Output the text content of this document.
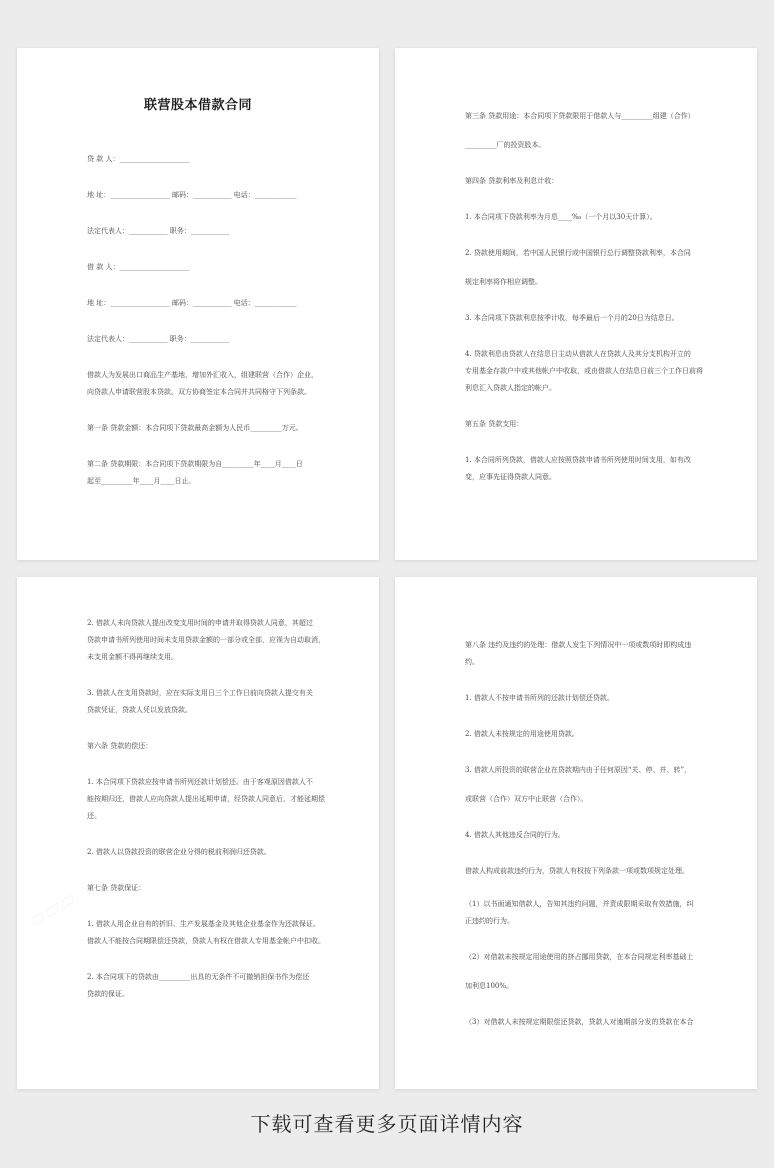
联营股本借款合同
贷 款 人：____________________
地 址：_________________ 邮码：___________ 电话：____________
法定代表人：___________ 职务：___________
借 款 人：____________________
地 址：_________________ 邮码：___________ 电话：____________
法定代表人：___________ 职务：___________
借款人为发展出口商品生产基地，增加外汇收入，组建联营（合作）企业，
向贷款人申请联营股本贷款。双方协商签定本合同并共同格守下列条款。
第一条 贷款金额：本合同项下贷款最高金额为人民币_________万元。
第二条 贷款期限：本合同项下贷款期限为自_________年____月____日
起至_________年____月____日止。
第三条 贷款用途：本合同项下贷款限用于借款人与_________组建（合作）
_________厂的投资股本。
第四条 贷款利率及利息计收：
1. 本合同项下贷款利率为月息____‰（一个月以30天计算）。
2. 贷款使用期间，若中国人民银行或中国银行总行调整贷款利率，本合同
规定利率将作相应调整。
3. 本合同项下贷款利息按季计收，每季最后一个月的20日为结息日。
4. 贷款利息由贷款人在结息日主动从借款人在贷款人及其分支机构开立的
专用基金存款户中或其他帐户中收取，或由借款人在结息日前三个工作日前将
利息汇入贷款人指定的帐户。
第五条 贷款支用：
1. 本合同所列贷款，借款人应按照贷款申请书所列使用时间支用，如有改
变，应事先征得贷款人同意。
2. 借款人未向贷款人提出改变支用时间的申请并取得贷款人同意，其超过
贷款申请书所列使用时间未支用贷款金额的一部分或全部，应视为自动取消，
未支用金额不得再继续支用。
3. 借款人在支用贷款时，应在实际支用日三个工作日前向贷款人提交有关
贷款凭证，贷款人凭以发放贷款。
第六条 贷款的偿还：
1. 本合同项下贷款应按申请书所列还款计划偿还。由于客观原因借款人不
能按期归还，借款人应向贷款人提出延期申请，经贷款人同意后，才能延期偿
还。
2. 借款人以贷款投资的联营企业分得的税前利润归还贷款。
第七条 贷款保证：
1. 借款人用企业自有的折旧、生产发展基金及其他企业基金作为还款保证。
借款人不能按合同期限偿还贷款，贷款人有权在借款人专用基金帐户中扣收。
2. 本合同项下的贷款由_________出具的无条件不可撤销担保书作为偿还
贷款的保证。
第八条 违约及违约的处理：借款人发生下列情况中一项或数项时即构成违
约。
1. 借款人不按申请书所列的还款计划偿还贷款。
2. 借款人未按规定的用途使用贷款。
3. 借款人所投资的联营企业在贷款期内由于任何原因“关、停、并、转”，
或联营（合作）双方中止联营（合作）。
4. 借款人其他违反合同的行为。
借款人构成前款违约行为，贷款人有权按下列条款一项或数项规定处理。
（1）以书面通知借款人，告知其违约问题，并责成限期采取有效措施，纠
正违约的行为。
（2）对借款未按规定用途使用的挤占挪用贷款，在本合同规定利率基础上
加利息100%。
（3）对借款人未按规定期限偿还贷款，贷款人对逾期部分发的贷款在本合
下载可查看更多页面详情内容
